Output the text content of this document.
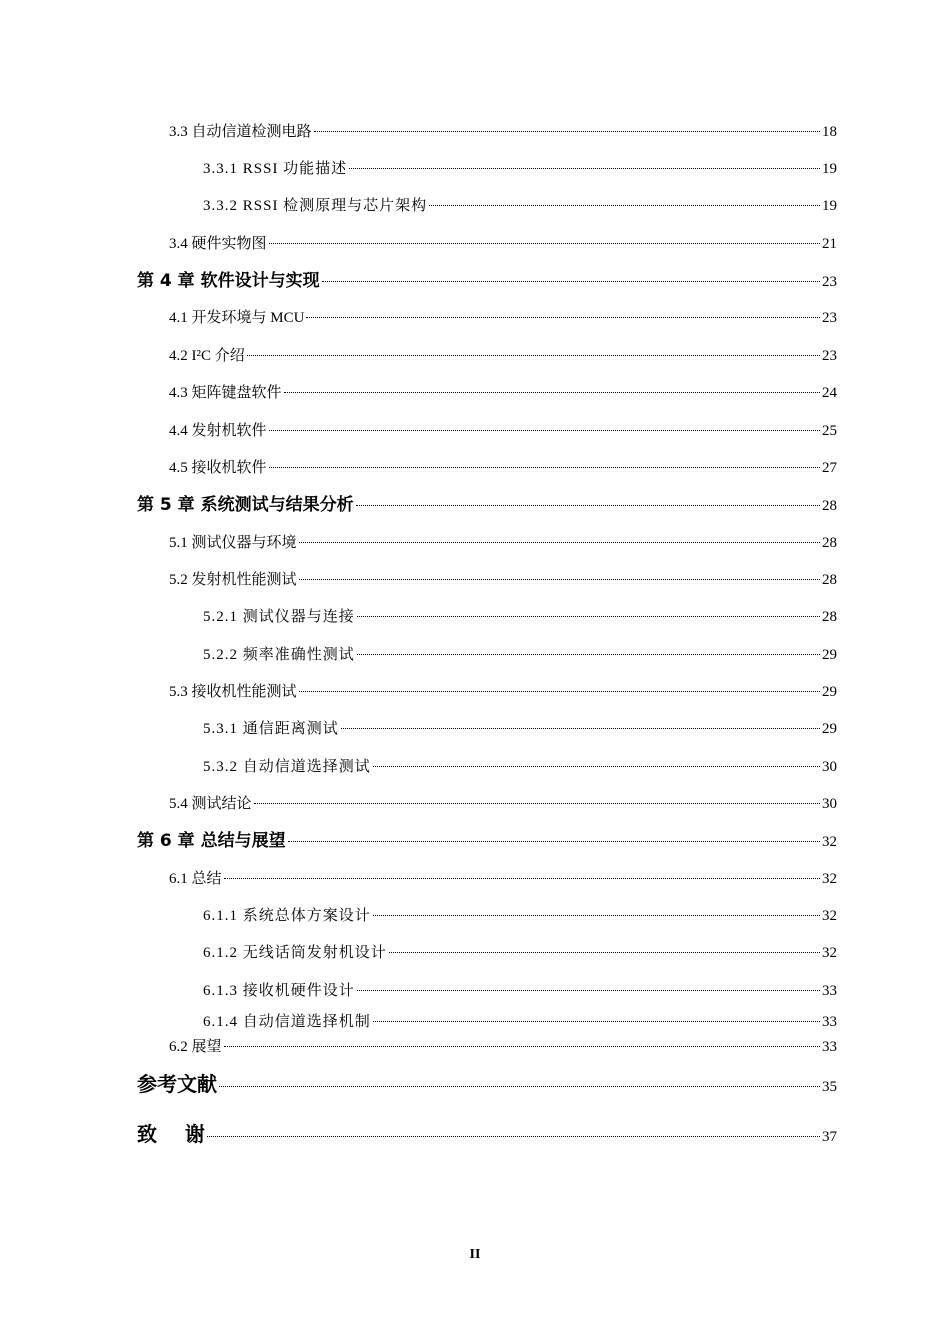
3.3 自动信道检测电路	18
3.3.1 RSSI 功能描述	19
3.3.2 RSSI 检测原理与芯片架构	19
3.4 硬件实物图	21
第 4 章 软件设计与实现	23
4.1 开发环境与 MCU	23
4.2 I²C 介绍	23
4.3 矩阵键盘软件	24
4.4 发射机软件	25
4.5 接收机软件	27
第 5 章 系统测试与结果分析	28
5.1 测试仪器与环境	28
5.2 发射机性能测试	28
5.2.1 测试仪器与连接	28
5.2.2 频率准确性测试	29
5.3 接收机性能测试	29
5.3.1 通信距离测试	29
5.3.2 自动信道选择测试	30
5.4 测试结论	30
第 6 章 总结与展望	32
6.1 总结	32
6.1.1 系统总体方案设计	32
6.1.2 无线话筒发射机设计	32
6.1.3 接收机硬件设计	33
6.1.4 自动信道选择机制	33
6.2 展望	33
参考文献	35
致    谢	37
II
